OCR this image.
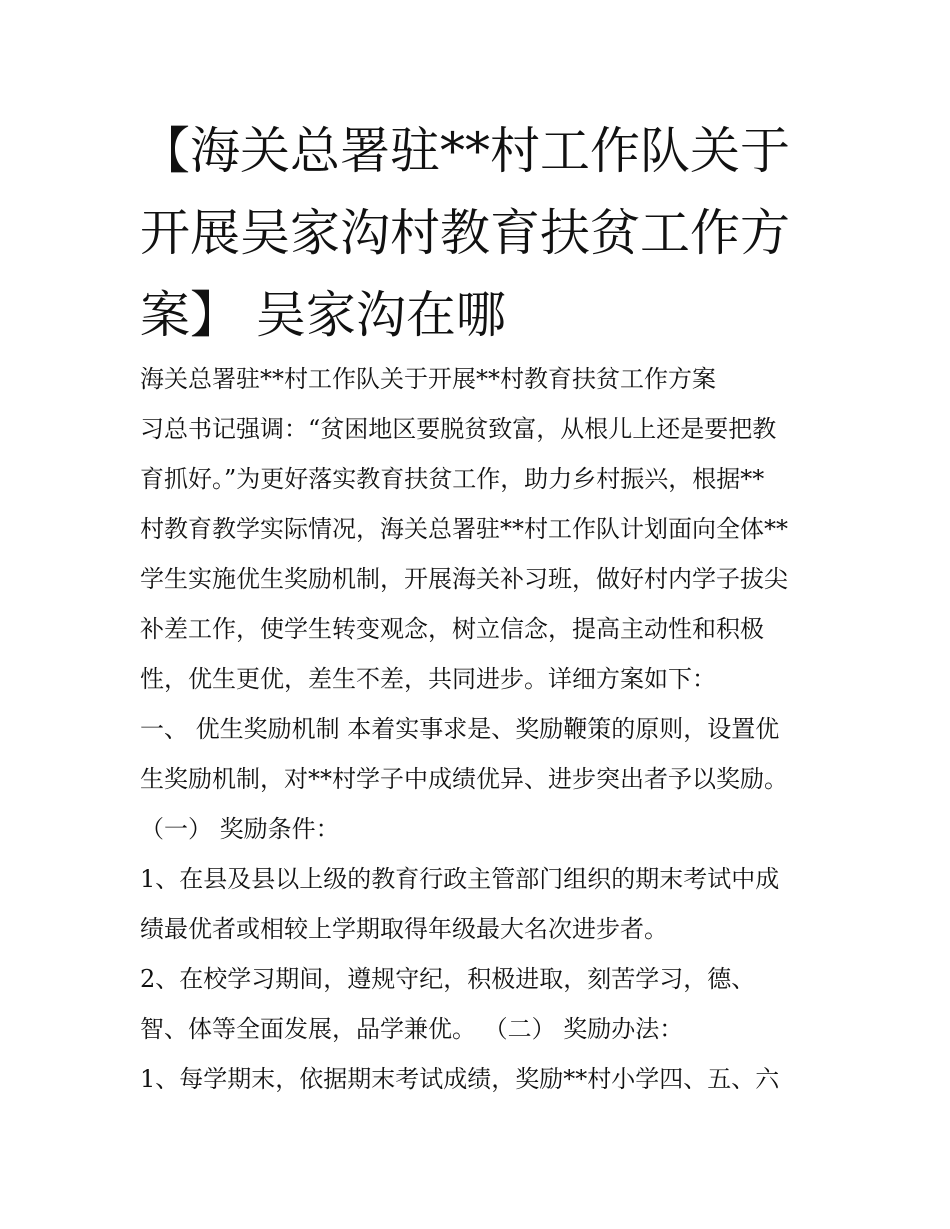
【海关总署驻**村工作队关于
开展吴家沟村教育扶贫工作方
案】 吴家沟在哪
海关总署驻**村工作队关于开展**村教育扶贫工作方案
习总书记强调：“贫困地区要脱贫致富，从根儿上还是要把教
育抓好。”为更好落实教育扶贫工作，助力乡村振兴，根据**
村教育教学实际情况，海关总署驻**村工作队计划面向全体**
学生实施优生奖励机制，开展海关补习班，做好村内学子拔尖
补差工作，使学生转变观念，树立信念，提高主动性和积极
性，优生更优，差生不差，共同进步。详细方案如下：
一、 优生奖励机制 本着实事求是、奖励鞭策的原则，设置优
生奖励机制，对**村学子中成绩优异、进步突出者予以奖励。
（一） 奖励条件：
1、在县及县以上级的教育行政主管部门组织的期末考试中成
绩最优者或相较上学期取得年级最大名次进步者。
2、在校学习期间，遵规守纪，积极进取，刻苦学习，德、
智、体等全面发展，品学兼优。 （二） 奖励办法：
1、每学期末，依据期末考试成绩，奖励**村小学四、五、六
